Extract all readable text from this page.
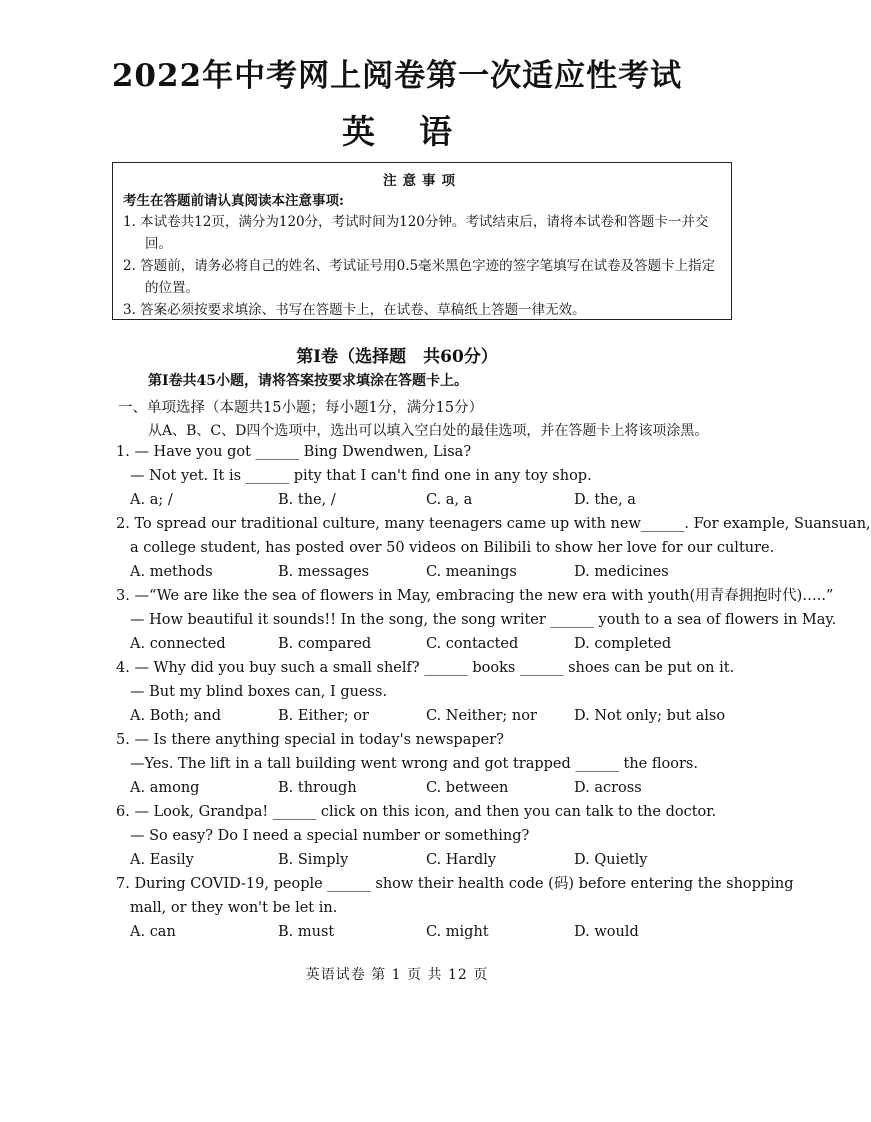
2022年中考网上阅卷第一次适应性考试
英语
注意事项
考生在答题前请认真阅读本注意事项:
1. 本试卷共12页，满分为120分，考试时间为120分钟。考试结束后，请将本试卷和答题卡一并交回。
2. 答题前，请务必将自己的姓名、考试证号用0.5毫米黑色字迹的签字笔填写在试卷及答题卡上指定的位置。
3. 答案必须按要求填涂、书写在答题卡上，在试卷、草稿纸上答题一律无效。
第I卷（选择题　共60分）
第I卷共45小题，请将答案按要求填涂在答题卡上。
一、单项选择（本题共15小题；每小题1分，满分15分）
从A、B、C、D四个选项中，选出可以填入空白处的最佳选项，并在答题卡上将该项涂黑。
1. — Have you got ______ Bing Dwendwen, Lisa?
— Not yet. It is ______ pity that I can't find one in any toy shop.
A. a; /	B. the, /	C. a, a	D. the, a
2. To spread our traditional culture, many teenagers came up with new______. For example, Suansuan,
a college student, has posted over 50 videos on Bilibili to show her love for our culture.
A. methods	B. messages	C. meanings	D. medicines
3. —“We are like the sea of flowers in May, embracing the new era with youth(用青春拥抱时代)…..”
— How beautiful it sounds!! In the song, the song writer ______ youth to a sea of flowers in May.
A. connected	B. compared	C. contacted	D. completed
4. — Why did you buy such a small shelf? ______ books ______ shoes can be put on it.
— But my blind boxes can, I guess.
A. Both; and	B. Either; or	C. Neither; nor	D. Not only; but also
5. — Is there anything special in today's newspaper?
—Yes. The lift in a tall building went wrong and got trapped ______ the floors.
A. among	B. through	C. between	D. across
6. — Look, Grandpa! ______ click on this icon, and then you can talk to the doctor.
— So easy? Do I need a special number or something?
A. Easily	B. Simply	C. Hardly	D. Quietly
7. During COVID-19, people ______ show their health code (码) before entering the shopping
mall, or they won't be let in.
A. can	B. must	C. might	D. would
英语试卷 第 1 页 共 12 页
